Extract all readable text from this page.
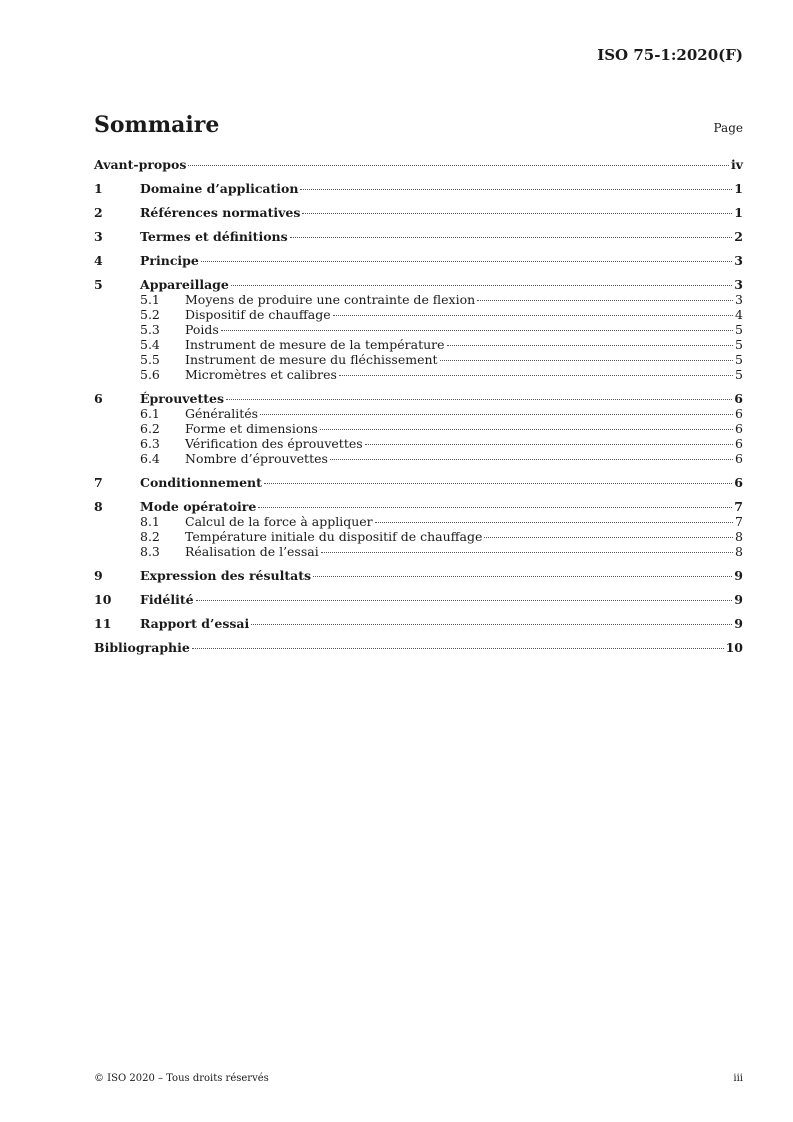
ISO 75-1:2020(F)
Sommaire	Page
Avant-propos	iv
1	Domaine d’application	1
2	Références normatives	1
3	Termes et définitions	2
4	Principe	3
5	Appareillage	3
5.1	Moyens de produire une contrainte de flexion	3
5.2	Dispositif de chauffage	4
5.3	Poids	5
5.4	Instrument de mesure de la température	5
5.5	Instrument de mesure du fléchissement	5
5.6	Micromètres et calibres	5
6	Éprouvettes	6
6.1	Généralités	6
6.2	Forme et dimensions	6
6.3	Vérification des éprouvettes	6
6.4	Nombre d’éprouvettes	6
7	Conditionnement	6
8	Mode opératoire	7
8.1	Calcul de la force à appliquer	7
8.2	Température initiale du dispositif de chauffage	8
8.3	Réalisation de l’essai	8
9	Expression des résultats	9
10	Fidélité	9
11	Rapport d’essai	9
Bibliographie	10
© ISO 2020 – Tous droits réservés	iii
